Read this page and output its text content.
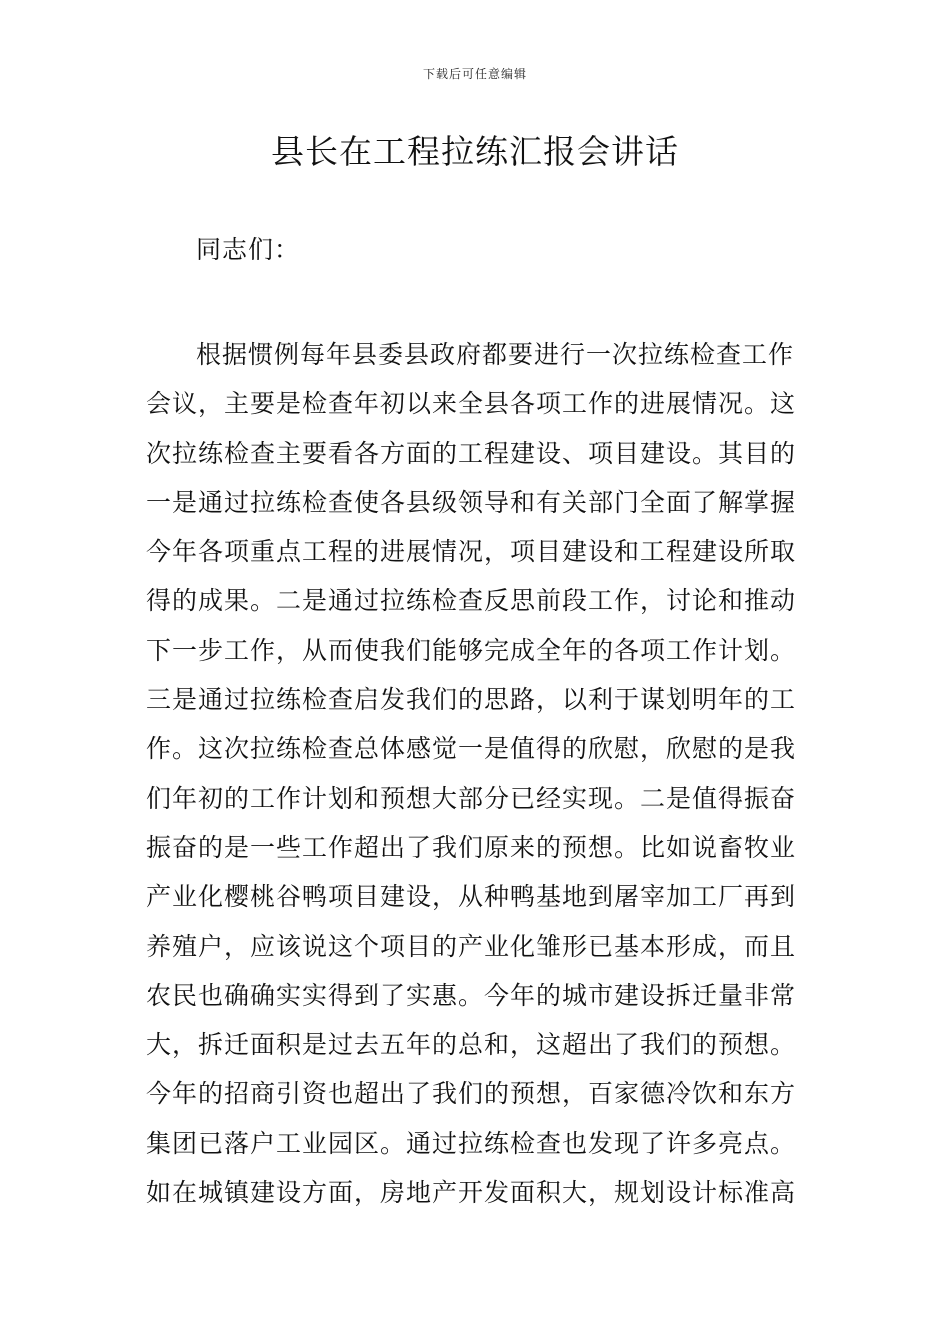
下载后可任意编辑
县长在工程拉练汇报会讲话
同志们：
根据惯例每年县委县政府都要进行一次拉练检查工作
会议，主要是检查年初以来全县各项工作的进展情况。这
次拉练检查主要看各方面的工程建设、项目建设。其目的
一是通过拉练检查使各县级领导和有关部门全面了解掌握
今年各项重点工程的进展情况，项目建设和工程建设所取
得的成果。二是通过拉练检查反思前段工作，讨论和推动
下一步工作，从而使我们能够完成全年的各项工作计划。
三是通过拉练检查启发我们的思路，以利于谋划明年的工
作。这次拉练检查总体感觉一是值得的欣慰，欣慰的是我
们年初的工作计划和预想大部分已经实现。二是值得振奋
振奋的是一些工作超出了我们原来的预想。比如说畜牧业
产业化樱桃谷鸭项目建设，从种鸭基地到屠宰加工厂再到
养殖户，应该说这个项目的产业化雏形已基本形成，而且
农民也确确实实得到了实惠。今年的城市建设拆迁量非常
大，拆迁面积是过去五年的总和，这超出了我们的预想。
今年的招商引资也超出了我们的预想，百家德冷饮和东方
集团已落户工业园区。通过拉练检查也发现了许多亮点。
如在城镇建设方面，房地产开发面积大，规划设计标准高
